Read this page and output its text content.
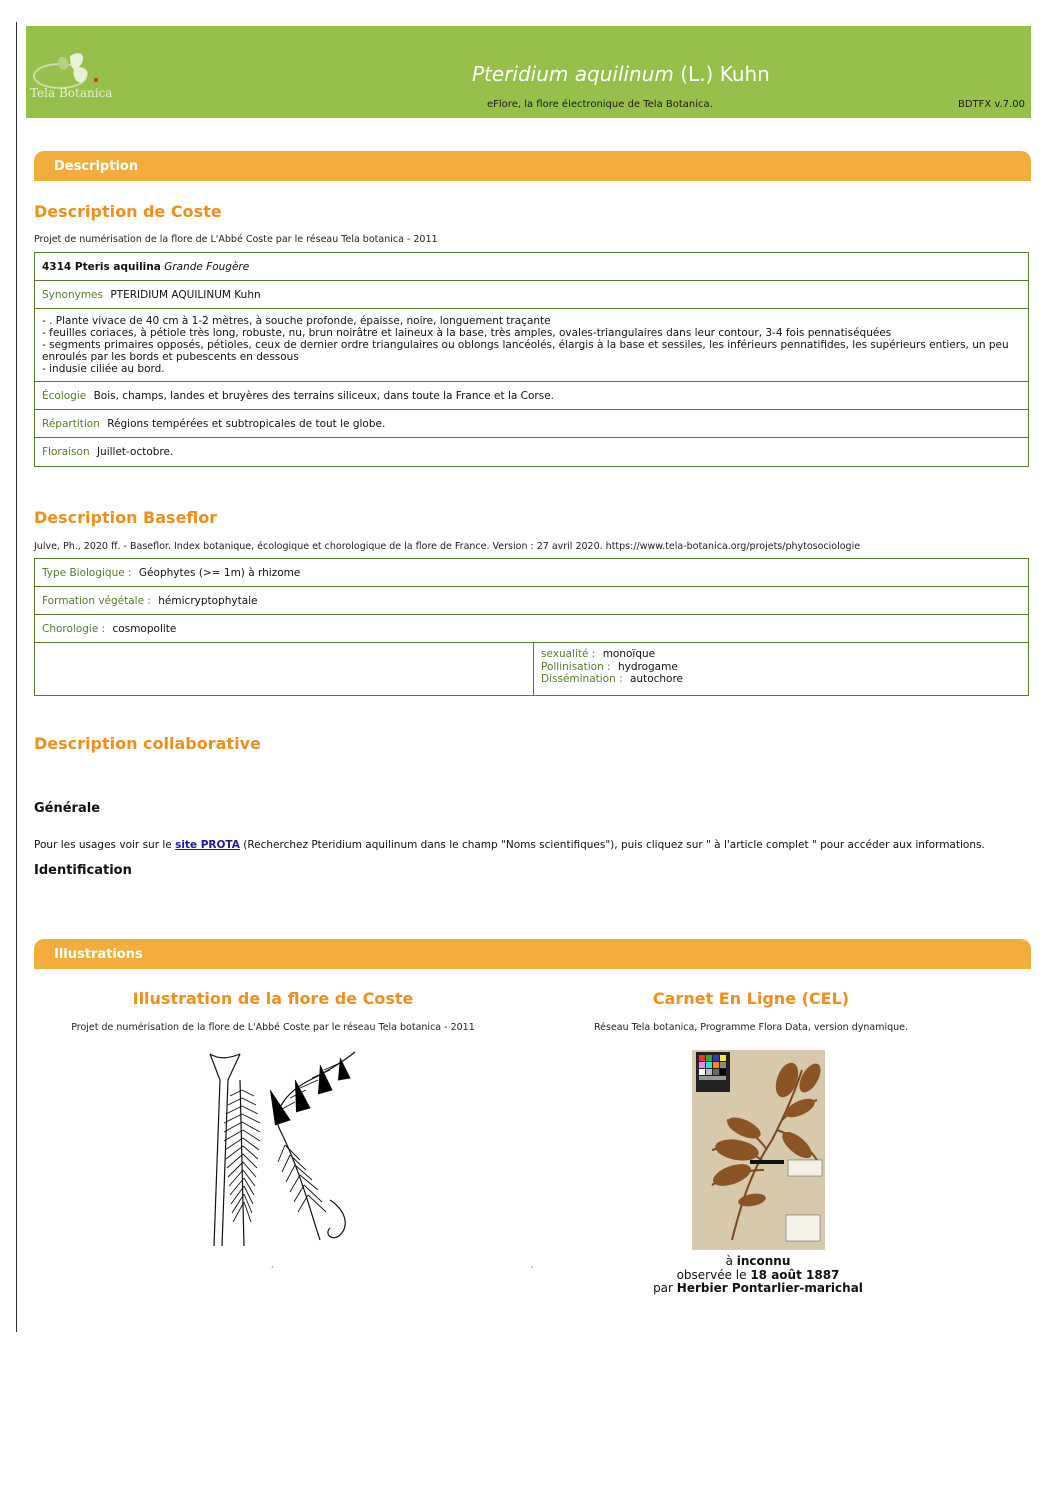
Tela Botanica
Pteridium aquilinum (L.) Kuhn
eFlore, la flore électronique de Tela Botanica.	BDTFX v.7.00
Description
Description de Coste
Projet de numérisation de la flore de L'Abbé Coste par le réseau Tela botanica - 2011
4314 Pteris aquilina Grande Fougère
Synonymes PTERIDIUM AQUILINUM Kuhn
- . Plante vivace de 40 cm à 1-2 mètres, à souche profonde, épaisse, noire, longuement traçante
- feuilles coriaces, à pétiole très long, robuste, nu, brun noirâtre et laineux à la base, très amples, ovales-triangulaires dans leur contour, 3-4 fois pennatiséquées
- segments primaires opposés, pétioles, ceux de dernier ordre triangulaires ou oblongs lancéolés, élargis à la base et sessiles, les inférieurs pennatifides, les supérieurs entiers, un peu enroulés par les bords et pubescents en dessous
- indusie ciliée au bord.
Écologie Bois, champs, landes et bruyères des terrains siliceux, dans toute la France et la Corse.
Répartition Régions tempérées et subtropicales de tout le globe.
Floraison Juillet-octobre.
Description Baseflor
Julve, Ph., 2020 ff. - Baseflor. Index botanique, écologique et chorologique de la flore de France. Version : 27 avril 2020. https://www.tela-botanica.org/projets/phytosociologie
Type Biologique : Géophytes (>= 1m) à rhizome
Formation végétale : hémicryptophytaie
Chorologie : cosmopolite
sexualité : monoïque
Pollinisation : hydrogame
Dissémination : autochore
Description collaborative
Générale
Pour les usages voir sur le site PROTA (Recherchez Pteridium aquilinum dans le champ "Noms scientifiques"), puis cliquez sur " à l'article complet " pour accéder aux informations.
Identification
Illustrations
Illustration de la flore de Coste
Projet de numérisation de la flore de L'Abbé Coste par le réseau Tela botanica - 2011
Carnet En Ligne (CEL)
Réseau Tela botanica, Programme Flora Data, version dynamique.
à inconnu
observée le 18 août 1887
par Herbier Pontarlier-marichal
,	,
